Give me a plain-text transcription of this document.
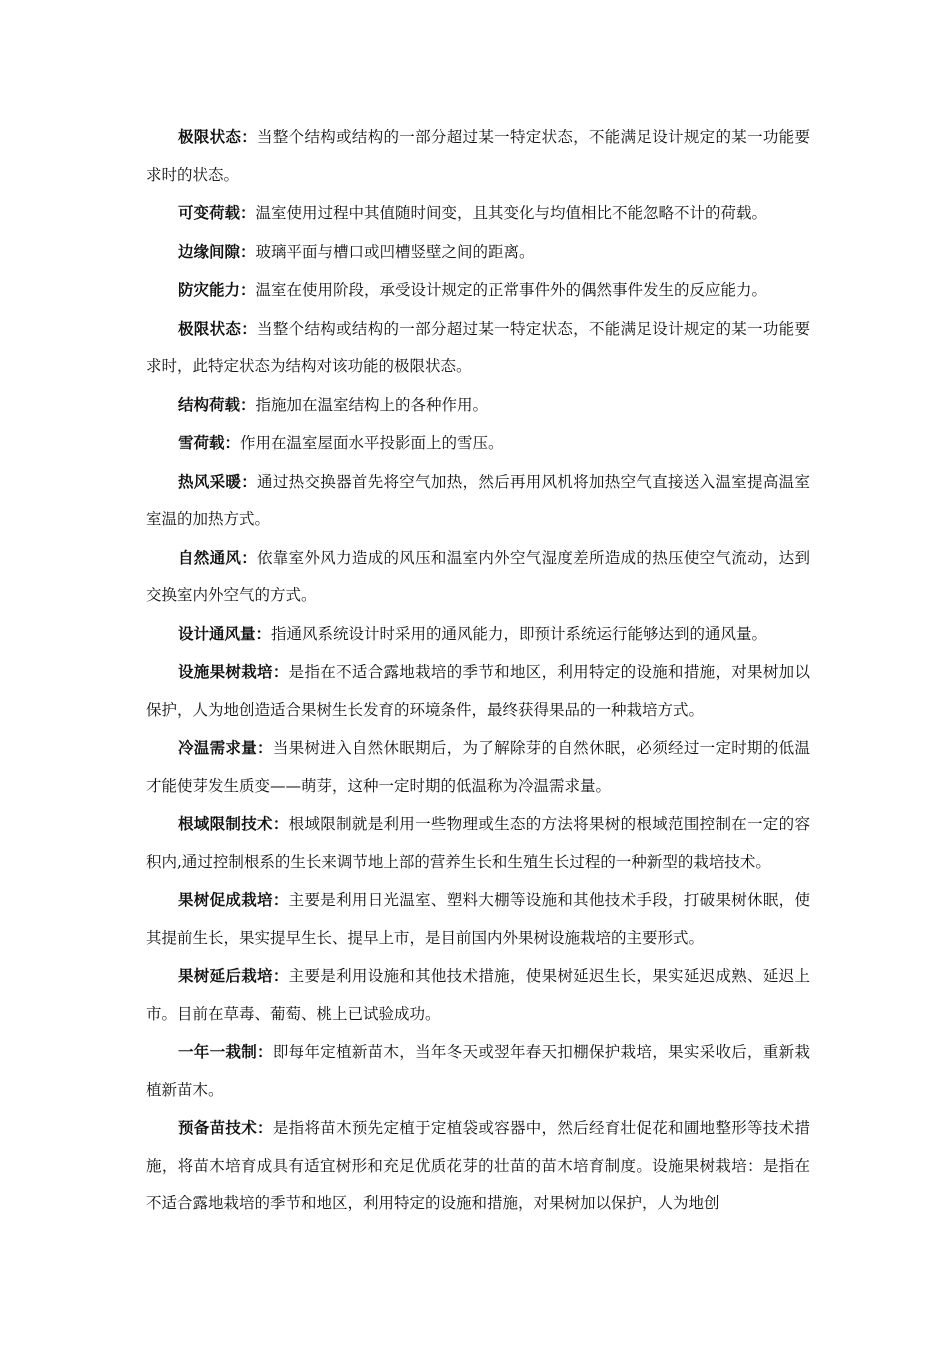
极限状态：当整个结构或结构的一部分超过某一特定状态，不能满足设计规定的某一功能要求时的状态。

可变荷载：温室使用过程中其值随时间变，且其变化与均值相比不能忽略不计的荷载。

边缘间隙：玻璃平面与槽口或凹槽竖壁之间的距离。

防灾能力：温室在使用阶段，承受设计规定的正常事件外的偶然事件发生的反应能力。

极限状态：当整个结构或结构的一部分超过某一特定状态，不能满足设计规定的某一功能要求时，此特定状态为结构对该功能的极限状态。

结构荷载：指施加在温室结构上的各种作用。

雪荷载：作用在温室屋面水平投影面上的雪压。

热风采暖：通过热交换器首先将空气加热，然后再用风机将加热空气直接送入温室提高温室室温的加热方式。

自然通风：依靠室外风力造成的风压和温室内外空气湿度差所造成的热压使空气流动，达到交换室内外空气的方式。

设计通风量：指通风系统设计时采用的通风能力，即预计系统运行能够达到的通风量。

设施果树栽培：是指在不适合露地栽培的季节和地区，利用特定的设施和措施，对果树加以保护，人为地创造适合果树生长发育的环境条件，最终获得果品的一种栽培方式。

冷温需求量：当果树进入自然休眠期后，为了解除芽的自然休眠，必须经过一定时期的低温才能使芽发生质变——萌芽，这种一定时期的低温称为冷温需求量。

根域限制技术：根域限制就是利用一些物理或生态的方法将果树的根域范围控制在一定的容积内,通过控制根系的生长来调节地上部的营养生长和生殖生长过程的一种新型的栽培技术。

果树促成栽培：主要是利用日光温室、塑料大棚等设施和其他技术手段，打破果树休眠，使其提前生长，果实提早生长、提早上市，是目前国内外果树设施栽培的主要形式。

果树延后栽培：主要是利用设施和其他技术措施，使果树延迟生长，果实延迟成熟、延迟上市。目前在草毒、葡萄、桃上已试验成功。

一年一栽制：即每年定植新苗木，当年冬天或翌年春天扣棚保护栽培，果实采收后，重新栽植新苗木。

预备苗技术：是指将苗木预先定植于定植袋或容器中，然后经育壮促花和圃地整形等技术措施，将苗木培育成具有适宜树形和充足优质花芽的壮苗的苗木培育制度。设施果树栽培：是指在不适合露地栽培的季节和地区，利用特定的设施和措施，对果树加以保护，人为地创
